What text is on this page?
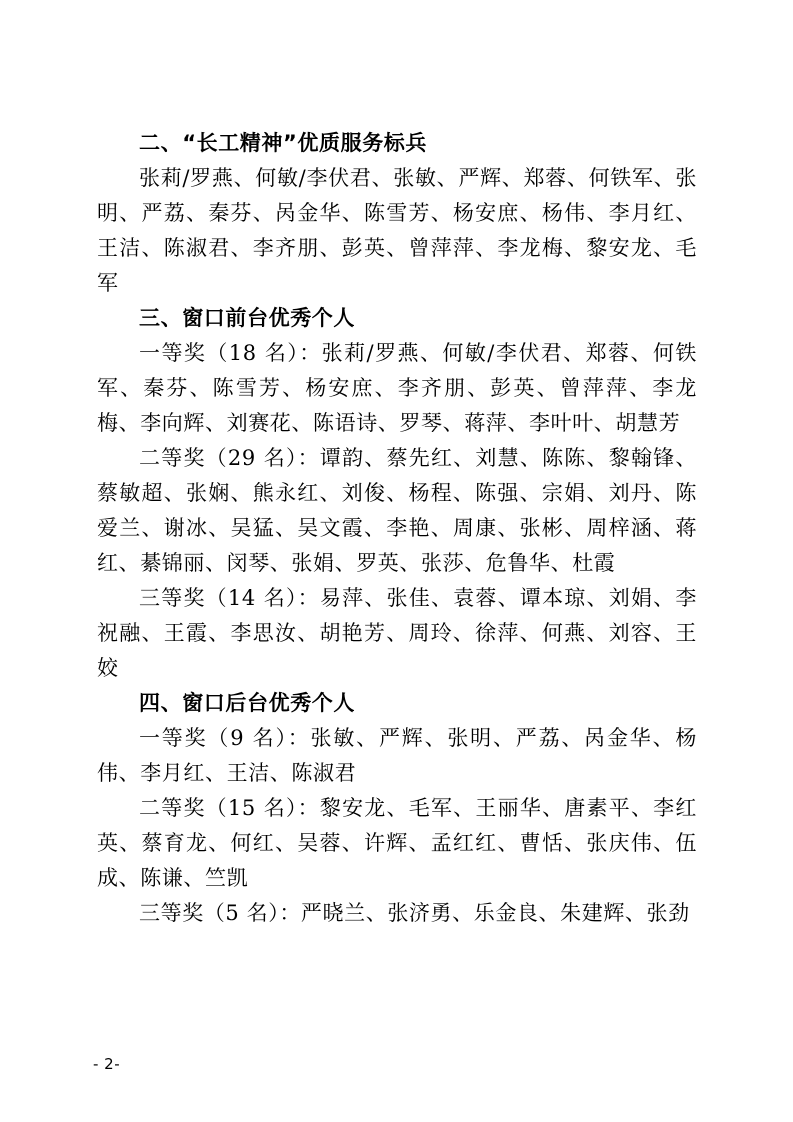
二、“长工精神”优质服务标兵

张莉/罗燕、何敏/李伏君、张敏、严辉、郑蓉、何铁军、张明、严荔、秦芬、呙金华、陈雪芳、杨安庶、杨伟、李月红、王洁、陈淑君、李齐朋、彭英、曾萍萍、李龙梅、黎安龙、毛军

三、窗口前台优秀个人

一等奖（18 名）：张莉/罗燕、何敏/李伏君、郑蓉、何铁军、秦芬、陈雪芳、杨安庶、李齐朋、彭英、曾萍萍、李龙梅、李向辉、刘赛花、陈语诗、罗琴、蒋萍、李叶叶、胡慧芳

二等奖（29 名）：谭韵、蔡先红、刘慧、陈陈、黎翰锋、蔡敏超、张娴、熊永红、刘俊、杨程、陈强、宗娟、刘丹、陈爱兰、谢冰、吴猛、吴文霞、李艳、周康、张彬、周梓涵、蒋红、綦锦丽、闵琴、张娟、罗英、张莎、危鲁华、杜霞

三等奖（14 名）：易萍、张佳、袁蓉、谭本琼、刘娟、李祝融、王霞、李思汝、胡艳芳、周玲、徐萍、何燕、刘容、王姣

四、窗口后台优秀个人

一等奖（9 名）：张敏、严辉、张明、严荔、呙金华、杨伟、李月红、王洁、陈淑君

二等奖（15 名）：黎安龙、毛军、王丽华、唐素平、李红英、蔡育龙、何红、吴蓉、许辉、孟红红、曹恬、张庆伟、伍成、陈谦、竺凯

三等奖（5 名）：严晓兰、张济勇、乐金良、朱建辉、张劲

- 2-
